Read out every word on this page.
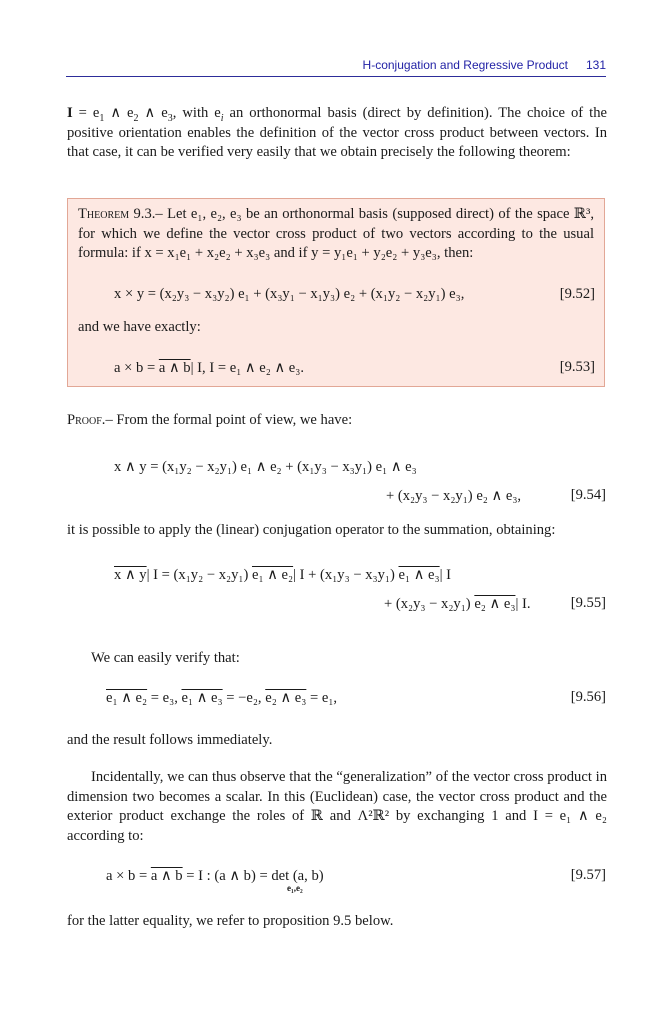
H-conjugation and Regressive Product 131
$I = e_1$ ∧ $e_2$ ∧ $e_3$, with $e_i$ an orthonormal basis (direct by definition). The choice of the positive orientation enables the definition of the vector cross product between vectors. In that case, it can be verified very easily that we obtain precisely the following theorem:
Theorem 9.3.– Let e₁, e₂, e₃ be an orthonormal basis (supposed direct) of the space ℝ³, for which we define the vector cross product of two vectors according to the usual formula: if x = x₁e₁ + x₂e₂ + x₃e₃ and if y = y₁e₁ + y₂e₂ + y₃e₃, then:
x × y = (x₂y₃ − x₃y₂) e₁ + (x₃y₁ − x₁y₃) e₂ + (x₁y₂ − x₂y₁) e₃,	[9.52]
and we have exactly:
a × b = a ∧ b| I, I = e₁ ∧ e₂ ∧ e₃.	[9.53]
Proof.– From the formal point of view, we have:
x ∧ y = (x₁y₂ − x₂y₁) e₁ ∧ e₂ + (x₁y₃ − x₃y₁) e₁ ∧ e₃
+ (x₂y₃ − x₂y₁) e₂ ∧ e₃,	[9.54]
it is possible to apply the (linear) conjugation operator to the summation, obtaining:
x ∧ y| I = (x₁y₂ − x₂y₁) e₁ ∧ e₂| I + (x₁y₃ − x₃y₁) e₁ ∧ e₃| I
+ (x₂y₃ − x₂y₁) e₂ ∧ e₃| I.	[9.55]
We can easily verify that:
e₁ ∧ e₂ = e₃, e₁ ∧ e₃ = −e₂, e₂ ∧ e₃ = e₁,	[9.56]
and the result follows immediately.
Incidentally, we can thus observe that the “generalization” of the vector cross product in dimension two becomes a scalar. In this (Euclidean) case, the vector cross product and the exterior product exchange the roles of ℝ and Λ²ℝ² by exchanging 1 and I = e₁ ∧ e₂ according to:
a × b = a ∧ b = I : (a ∧ b) = det (a, b)
e₁,e₂
[9.57]
for the latter equality, we refer to proposition 9.5 below.
